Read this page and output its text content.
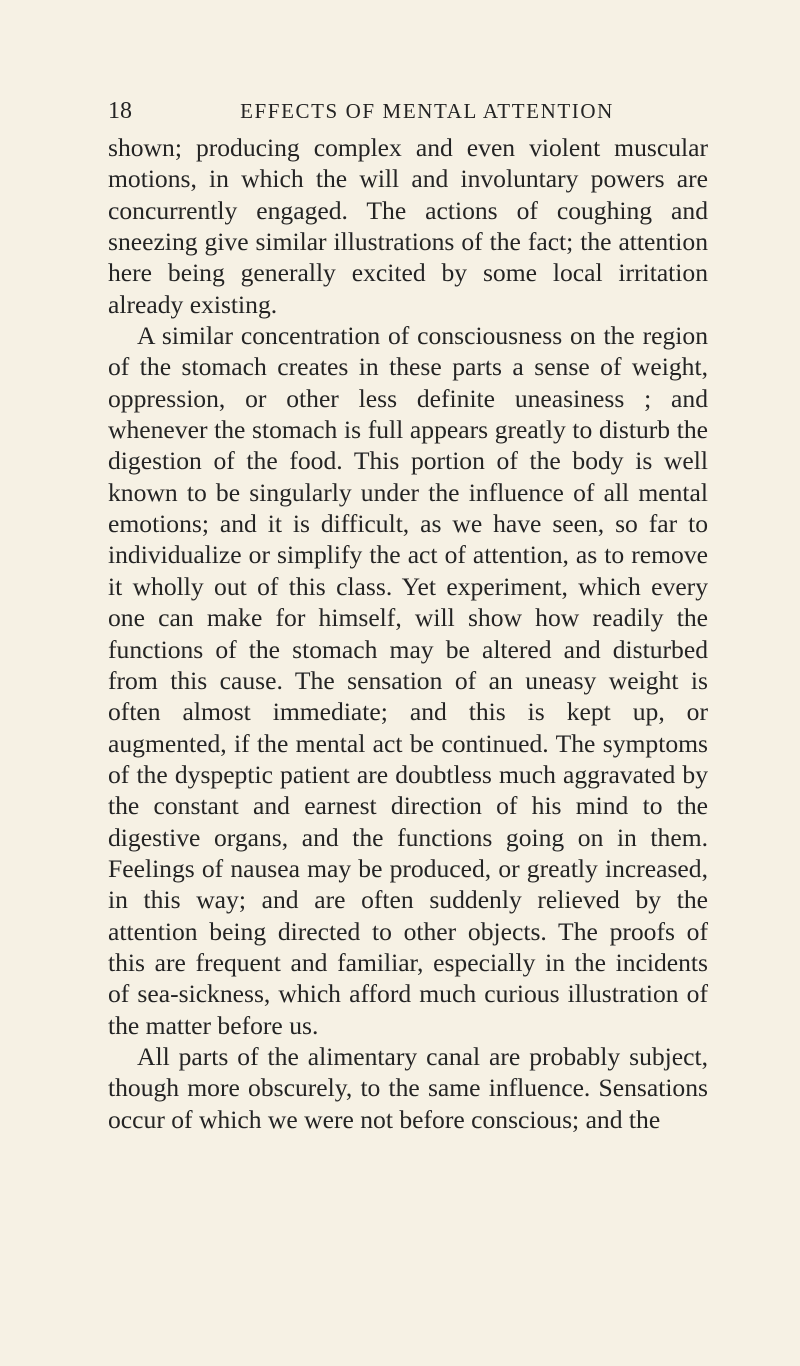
18	EFFECTS OF MENTAL ATTENTION

shown; producing complex and even violent muscular motions, in which the will and involuntary powers are concurrently engaged. The actions of coughing and sneezing give similar illustrations of the fact; the attention here being generally excited by some local irritation already existing.

A similar concentration of consciousness on the region of the stomach creates in these parts a sense of weight, oppression, or other less definite uneasiness ; and whenever the stomach is full appears greatly to disturb the digestion of the food. This portion of the body is well known to be singularly under the influence of all mental emotions; and it is difficult, as we have seen, so far to individualize or simplify the act of attention, as to remove it wholly out of this class. Yet experiment, which every one can make for himself, will show how readily the functions of the stomach may be altered and disturbed from this cause. The sensation of an uneasy weight is often almost immediate; and this is kept up, or augmented, if the mental act be continued. The symptoms of the dyspeptic patient are doubtless much aggravated by the constant and earnest direction of his mind to the digestive organs, and the functions going on in them. Feelings of nausea may be produced, or greatly increased, in this way; and are often suddenly relieved by the attention being directed to other objects. The proofs of this are frequent and familiar, especially in the incidents of sea-sickness, which afford much curious illustration of the matter before us.

All parts of the alimentary canal are probably subject, though more obscurely, to the same influence. Sensations occur of which we were not before conscious; and the
